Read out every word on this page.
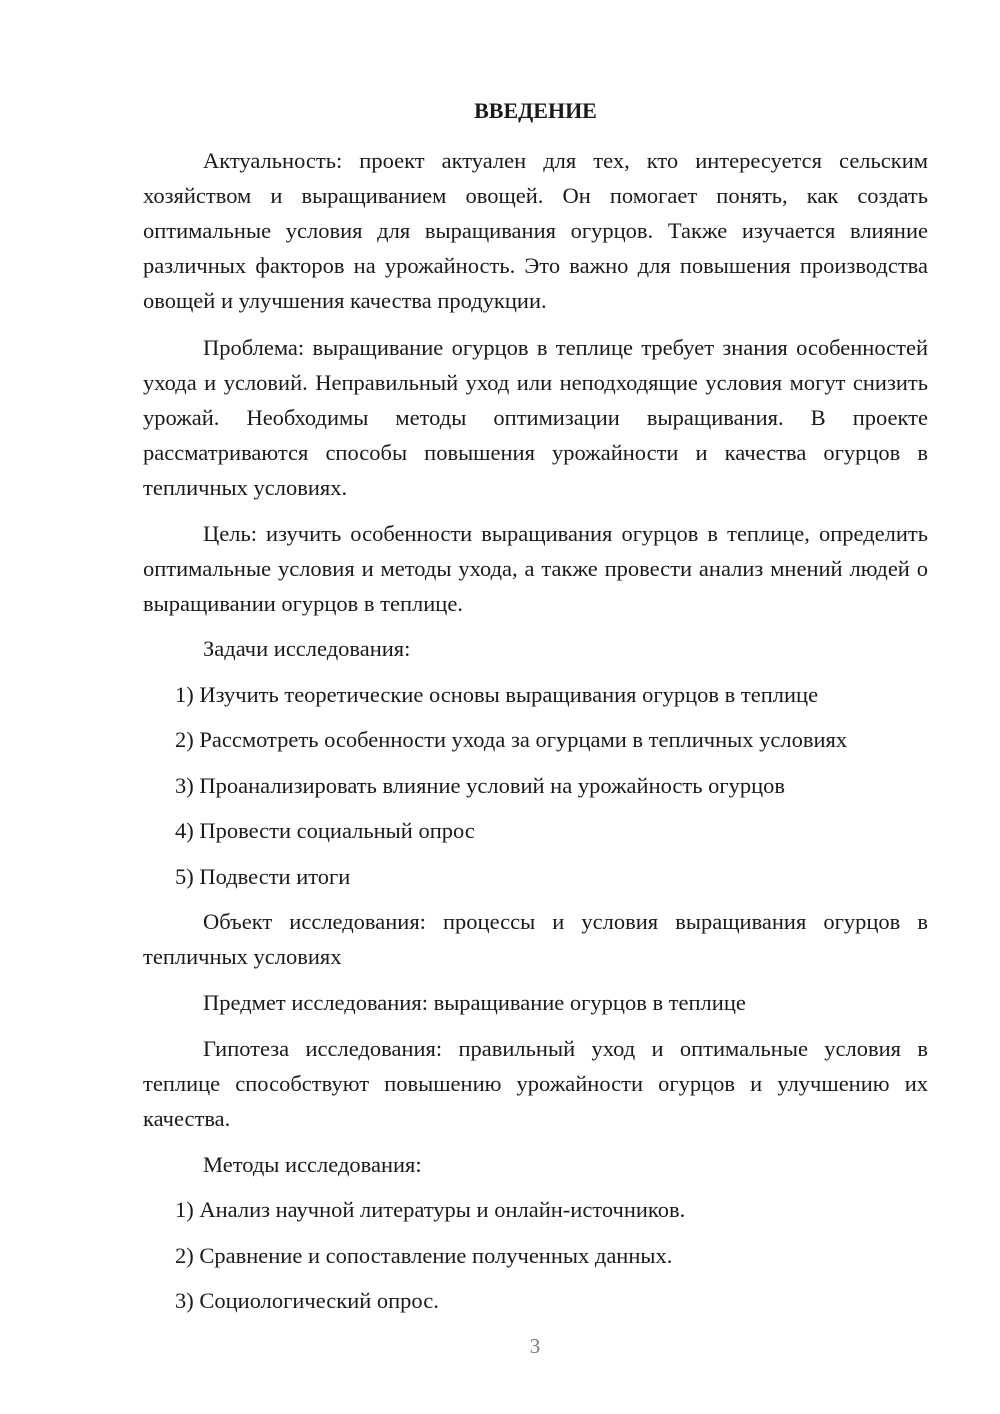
ВВЕДЕНИЕ

Актуальность: проект актуален для тех, кто интересуется сельским хозяйством и выращиванием овощей. Он помогает понять, как создать оптимальные условия для выращивания огурцов. Также изучается влияние различных факторов на урожайность. Это важно для повышения производства овощей и улучшения качества продукции.

Проблема: выращивание огурцов в теплице требует знания особенностей ухода и условий. Неправильный уход или неподходящие условия могут снизить урожай. Необходимы методы оптимизации выращивания. В проекте рассматриваются способы повышения урожайности и качества огурцов в тепличных условиях.

Цель: изучить особенности выращивания огурцов в теплице, определить оптимальные условия и методы ухода, а также провести анализ мнений людей о выращивании огурцов в теплице.

Задачи исследования:

1) Изучить теоретические основы выращивания огурцов в теплице

2) Рассмотреть особенности ухода за огурцами в тепличных условиях

3) Проанализировать влияние условий на урожайность огурцов

4) Провести социальный опрос

5) Подвести итоги

Объект исследования: процессы и условия выращивания огурцов в тепличных условиях

Предмет исследования: выращивание огурцов в теплице

Гипотеза исследования: правильный уход и оптимальные условия в теплице способствуют повышению урожайности огурцов и улучшению их качества.

Методы исследования:

1) Анализ научной литературы и онлайн-источников.

2) Сравнение и сопоставление полученных данных.

3) Социологический опрос.

3
